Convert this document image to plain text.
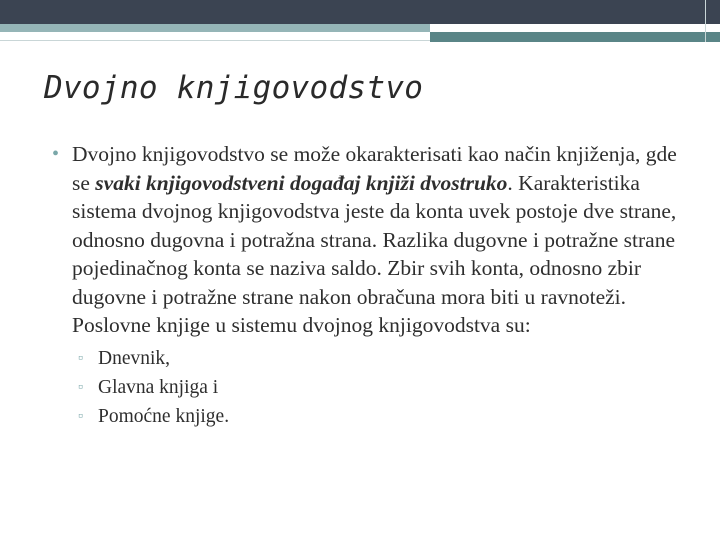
Dvojno knjigovodstvo
• Dvojno knjigovodstvo se može okarakterisati kao način knjiženja, gde se svaki knjigovodstveni događaj knjiži dvostruko. Karakteristika sistema dvojnog knjigovodstva jeste da konta uvek postoje dve strane, odnosno dugovna i potražna strana. Razlika dugovne i potražne strane pojedinačnog konta se naziva saldo. Zbir svih konta, odnosno zbir dugovne i potražne strane nakon obračuna mora biti u ravnoteži. Poslovne knjige u sistemu dvojnog knjigovodstva su:
▫ Dnevnik,
▫ Glavna knjiga i
▫ Pomoćne knjige.
